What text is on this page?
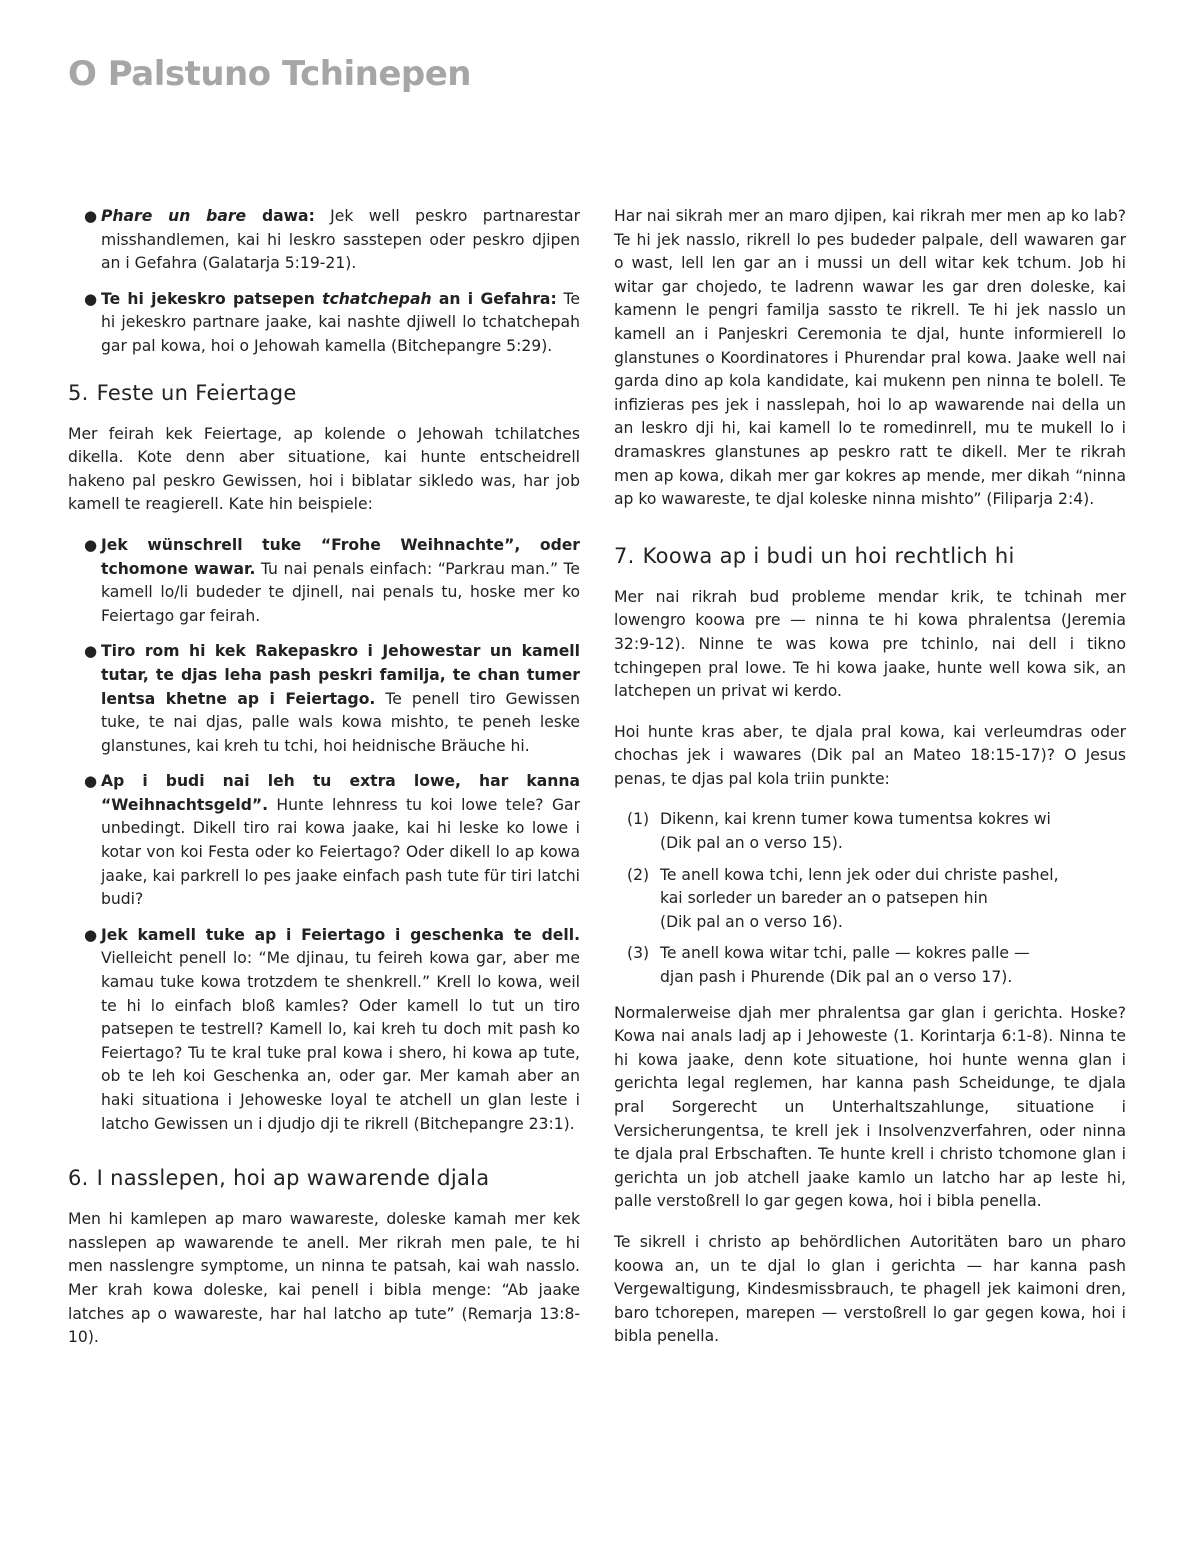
O Palstuno Tchinepen
● Phare un bare dawa: Jek well peskro partnarestar misshandlemen, kai hi leskro sasstepen oder peskro djipen an i Gefahra (Galatarja 5:19-21).
● Te hi jekeskro patsepen tchatchepah an i Gefahra: Te hi jekeskro partnare jaake, kai nashte djiwell lo tchatchepah gar pal kowa, hoi o Jehowah kamella (Bitchepangre 5:29).
5. Feste un Feiertage

Mer feirah kek Feiertage, ap kolende o Jehowah tchilatches dikella. Kote denn aber situatione, kai hunte entscheidrell hakeno pal peskro Gewissen, hoi i biblatar sikledo was, har job kamell te reagierell. Kate hin beispiele:

● Jek wünschrell tuke “Frohe Weihnachte”, oder tchomone wawar. Tu nai penals einfach: “Parkrau man.” Te kamell lo/li budeder te djinell, nai penals tu, hoske mer ko Feiertago gar feirah.
● Tiro rom hi kek Rakepaskro i Jehowestar un kamell tutar, te djas leha pash peskri familja, te chan tumer lentsa khetne ap i Feiertago. Te penell tiro Gewissen tuke, te nai djas, palle wals kowa mishto, te peneh leske glanstunes, kai kreh tu tchi, hoi heidnische Bräuche hi.
● Ap i budi nai leh tu extra lowe, har kanna “Weihnachtsgeld”. Hunte lehnress tu koi lowe tele? Gar unbedingt. Dikell tiro rai kowa jaake, kai hi leske ko lowe i kotar von koi Festa oder ko Feiertago? Oder dikell lo ap kowa jaake, kai parkrell lo pes jaake einfach pash tute für tiri latchi budi?
● Jek kamell tuke ap i Feiertago i geschenka te dell. Vielleicht penell lo: “Me djinau, tu feireh kowa gar, aber me kamau tuke kowa trotzdem te shenkrell.” Krell lo kowa, weil te hi lo einfach bloß kamles? Oder kamell lo tut un tiro patsepen te testrell? Kamell lo, kai kreh tu doch mit pash ko Feiertago? Tu te kral tuke pral kowa i shero, hi kowa ap tute, ob te leh koi Geschenka an, oder gar. Mer kamah aber an haki situationa i Jehoweske loyal te atchell un glan leste i latcho Gewissen un i djudjo dji te rikrell (Bitchepangre 23:1).
6. I nasslepen, hoi ap wawarende djala

Men hi kamlepen ap maro wawareste, doleske kamah mer kek nasslepen ap wawarende te anell. Mer rikrah men pale, te hi men nasslengre symptome, un ninna te patsah, kai wah nasslo. Mer krah kowa doleske, kai penell i bibla menge: “Ab jaake latches ap o wawareste, har hal latcho ap tute” (Remarja 13:8-10).

Har nai sikrah mer an maro djipen, kai rikrah mer men ap ko lab? Te hi jek nasslo, rikrell lo pes budeder palpale, dell wawaren gar o wast, lell len gar an i mussi un dell witar kek tchum. Job hi witar gar chojedo, te ladrenn wawar les gar dren doleske, kai kamenn le pengri familja sassto te rikrell. Te hi jek nasslo un kamell an i Panjeskri Ceremonia te djal, hunte informierell lo glanstunes o Koordinatores i Phurendar pral kowa. Jaake well nai garda dino ap kola kandidate, kai mukenn pen ninna te bolell. Te infizieras pes jek i nasslepah, hoi lo ap wawarende nai della un an leskro dji hi, kai kamell lo te romedinrell, mu te mukell lo i dramaskres glanstunes ap peskro ratt te dikell. Mer te rikrah men ap kowa, dikah mer gar kokres ap mende, mer dikah “ninna ap ko wawareste, te djal koleske ninna mishto” (Filiparja 2:4).

7. Koowa ap i budi un hoi rechtlich hi

Mer nai rikrah bud probleme mendar krik, te tchinah mer lowengro koowa pre — ninna te hi kowa phralentsa (Jeremia 32:9-12). Ninne te was kowa pre tchinlo, nai dell i tikno tchingepen pral lowe. Te hi kowa jaake, hunte well kowa sik, an latchepen un privat wi kerdo.

Hoi hunte kras aber, te djala pral kowa, kai verleumdras oder chochas jek i wawares (Dik pal an Mateo 18:15-17)? O Jesus penas, te djas pal kola triin punkte:

(1) Dikenn, kai krenn tumer kowa tumentsa kokres wi
(Dik pal an o verso 15).
(2) Te anell kowa tchi, lenn jek oder dui christe pashel,
kai sorleder un bareder an o patsepen hin
(Dik pal an o verso 16).
(3) Te anell kowa witar tchi, palle — kokres palle —
djan pash i Phurende (Dik pal an o verso 17).

Normalerweise djah mer phralentsa gar glan i gerichta. Hoske? Kowa nai anals ladj ap i Jehoweste (1. Korintarja 6:1-8). Ninna te hi kowa jaake, denn kote situatione, hoi hunte wenna glan i gerichta legal reglemen, har kanna pash Scheidunge, te djala pral Sorgerecht un Unterhaltszahlunge, situatione i Versicherungentsa, te krell jek i Insolvenzverfahren, oder ninna te djala pral Erbschaften. Te hunte krell i christo tchomone glan i gerichta un job atchell jaake kamlo un latcho har ap leste hi, palle verstoßrell lo gar gegen kowa, hoi i bibla penella.

Te sikrell i christo ap behördlichen Autoritäten baro un pharo koowa an, un te djal lo glan i gerichta — har kanna pash Vergewaltigung, Kindesmissbrauch, te phagell jek kaimoni dren, baro tchorepen, marepen — verstoßrell lo gar gegen kowa, hoi i bibla penella.
